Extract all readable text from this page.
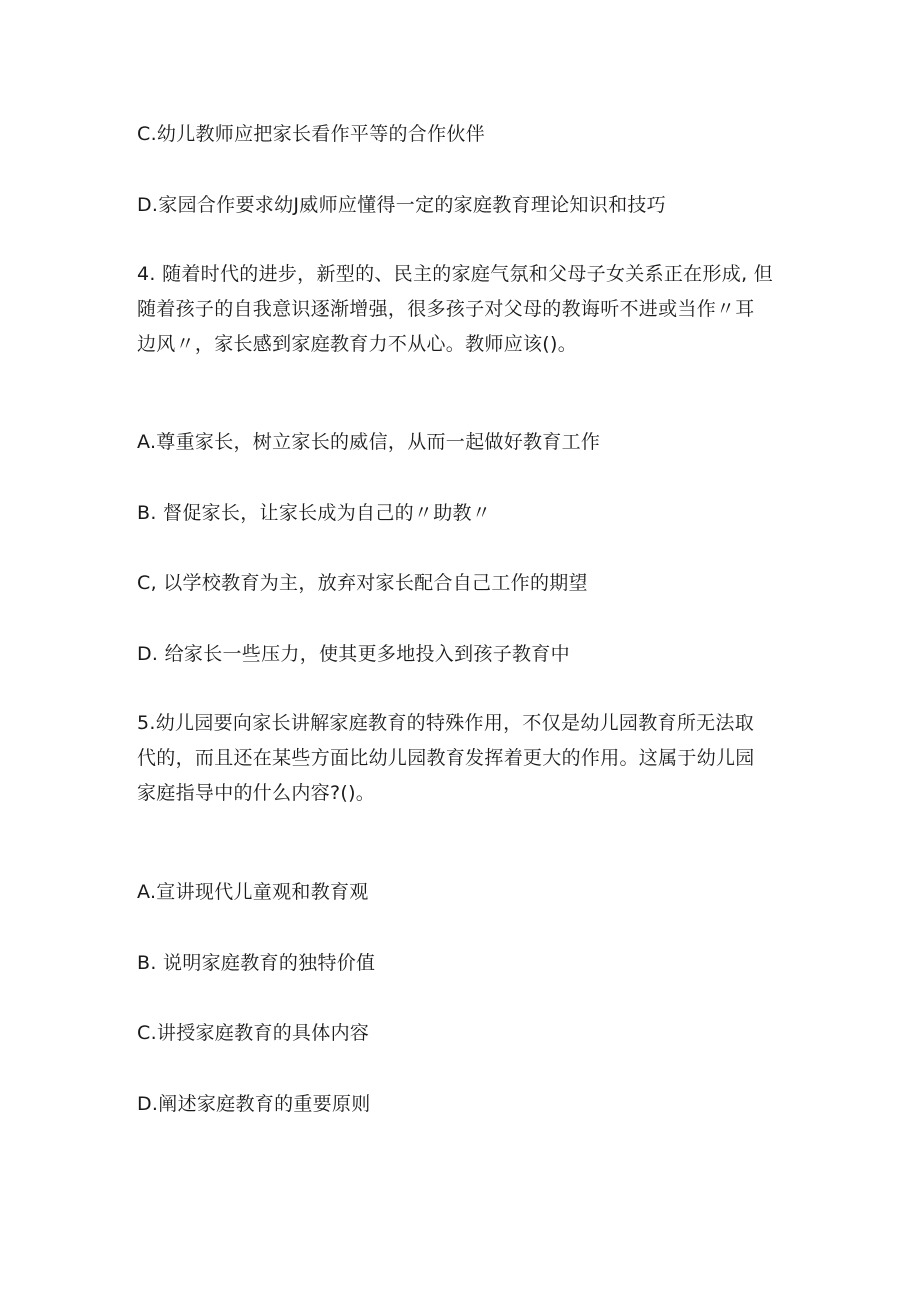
C.幼儿教师应把家长看作平等的合作伙伴
D.家园合作要求幼J威师应懂得一定的家庭教育理论知识和技巧
4. 随着时代的进步，新型的、民主的家庭气氛和父母子女关系正在形成, 但
随着孩子的自我意识逐渐增强，很多孩子对父母的教诲听不进或当作〃耳
边风〃，家长感到家庭教育力不从心。教师应该()。
A.尊重家长，树立家长的威信，从而一起做好教育工作
B. 督促家长，让家长成为自己的〃助教〃
C, 以学校教育为主，放弃对家长配合自己工作的期望
D. 给家长一些压力，使其更多地投入到孩子教育中
5.幼儿园要向家长讲解家庭教育的特殊作用，不仅是幼儿园教育所无法取
代的，而且还在某些方面比幼儿园教育发挥着更大的作用。这属于幼儿园
家庭指导中的什么内容?()。
A.宣讲现代儿童观和教育观
B. 说明家庭教育的独特价值
C.讲授家庭教育的具体内容
D.阐述家庭教育的重要原则
